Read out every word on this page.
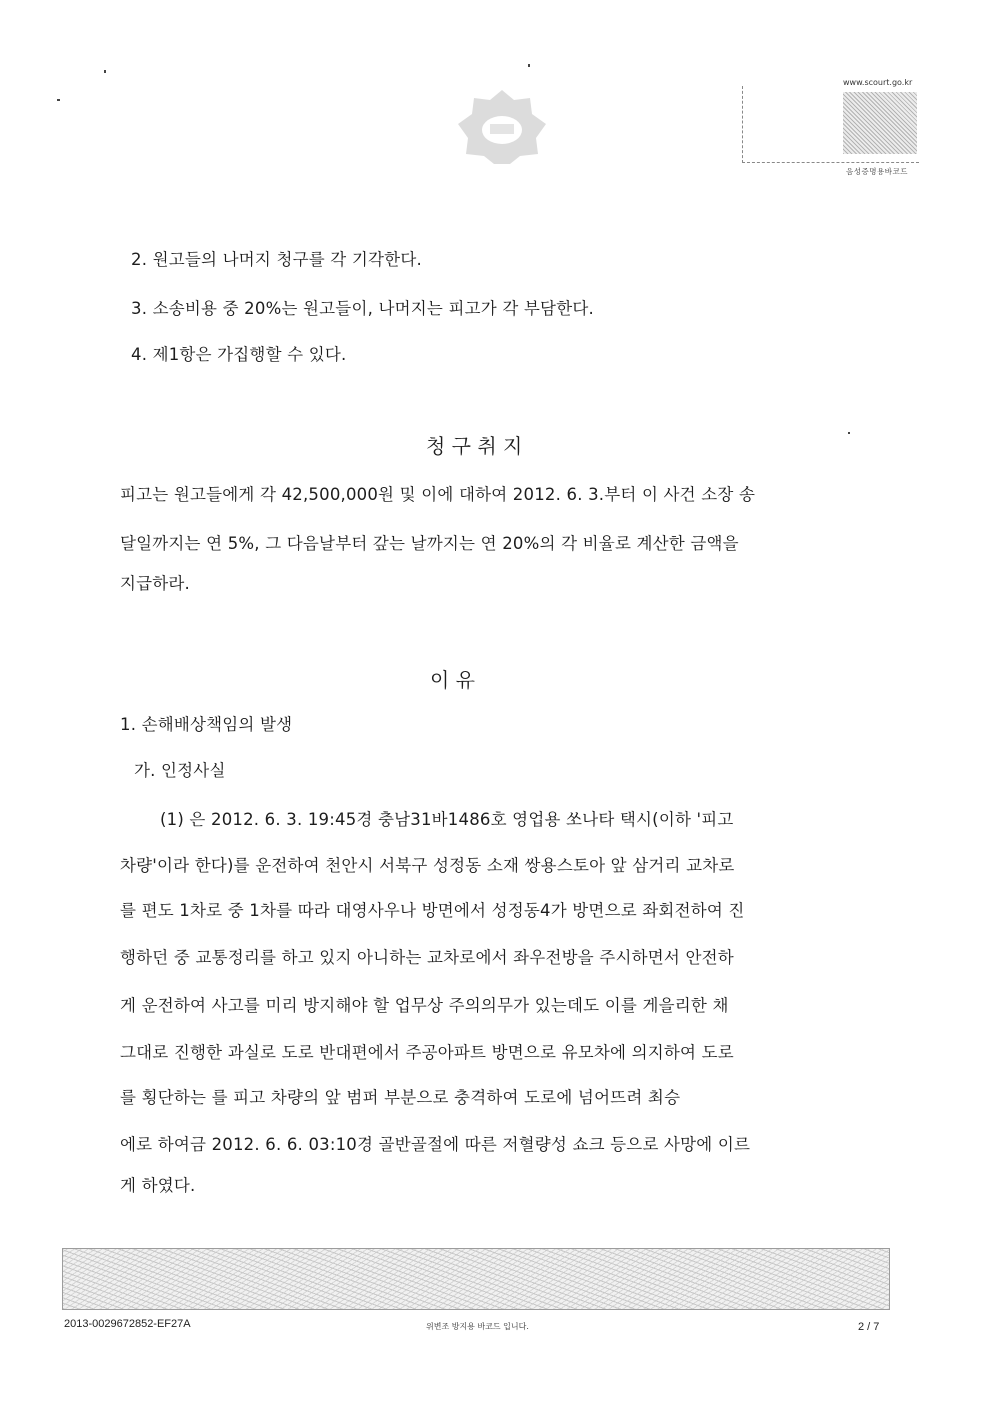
www.scourt.go.kr
음성증명용바코드
2. 원고들의 나머지 청구를 각 기각한다.
3. 소송비용 중 20%는 원고들이, 나머지는 피고가 각 부담한다.
4. 제1항은 가집행할 수 있다.
청 구 취 지
피고는 원고들에게 각 42,500,000원 및 이에 대하여 2012. 6. 3.부터 이 사건 소장 송
달일까지는 연 5%, 그 다음날부터 갚는 날까지는 연 20%의 각 비율로 계산한 금액을
지급하라.
이 유
1. 손해배상책임의 발생
가. 인정사실
(1) 은 2012. 6. 3. 19:45경 충남31바1486호 영업용 쏘나타 택시(이하 '피고
차량'이라 한다)를 운전하여 천안시 서북구 성정동 소재 쌍용스토아 앞 삼거리 교차로
를 편도 1차로 중 1차를 따라 대영사우나 방면에서 성정동4가 방면으로 좌회전하여 진
행하던 중 교통정리를 하고 있지 아니하는 교차로에서 좌우전방을 주시하면서 안전하
게 운전하여 사고를 미리 방지해야 할 업무상 주의의무가 있는데도 이를 게을리한 채
그대로 진행한 과실로 도로 반대편에서 주공아파트 방면으로 유모차에 의지하여 도로
를 횡단하는 를 피고 차량의 앞 범퍼 부분으로 충격하여 도로에 넘어뜨려 최승
에로 하여금 2012. 6. 6. 03:10경 골반골절에 따른 저혈량성 쇼크 등으로 사망에 이르
게 하였다.
2013-0029672852-EF27A	위변조 방지용 바코드 입니다.	2 / 7
